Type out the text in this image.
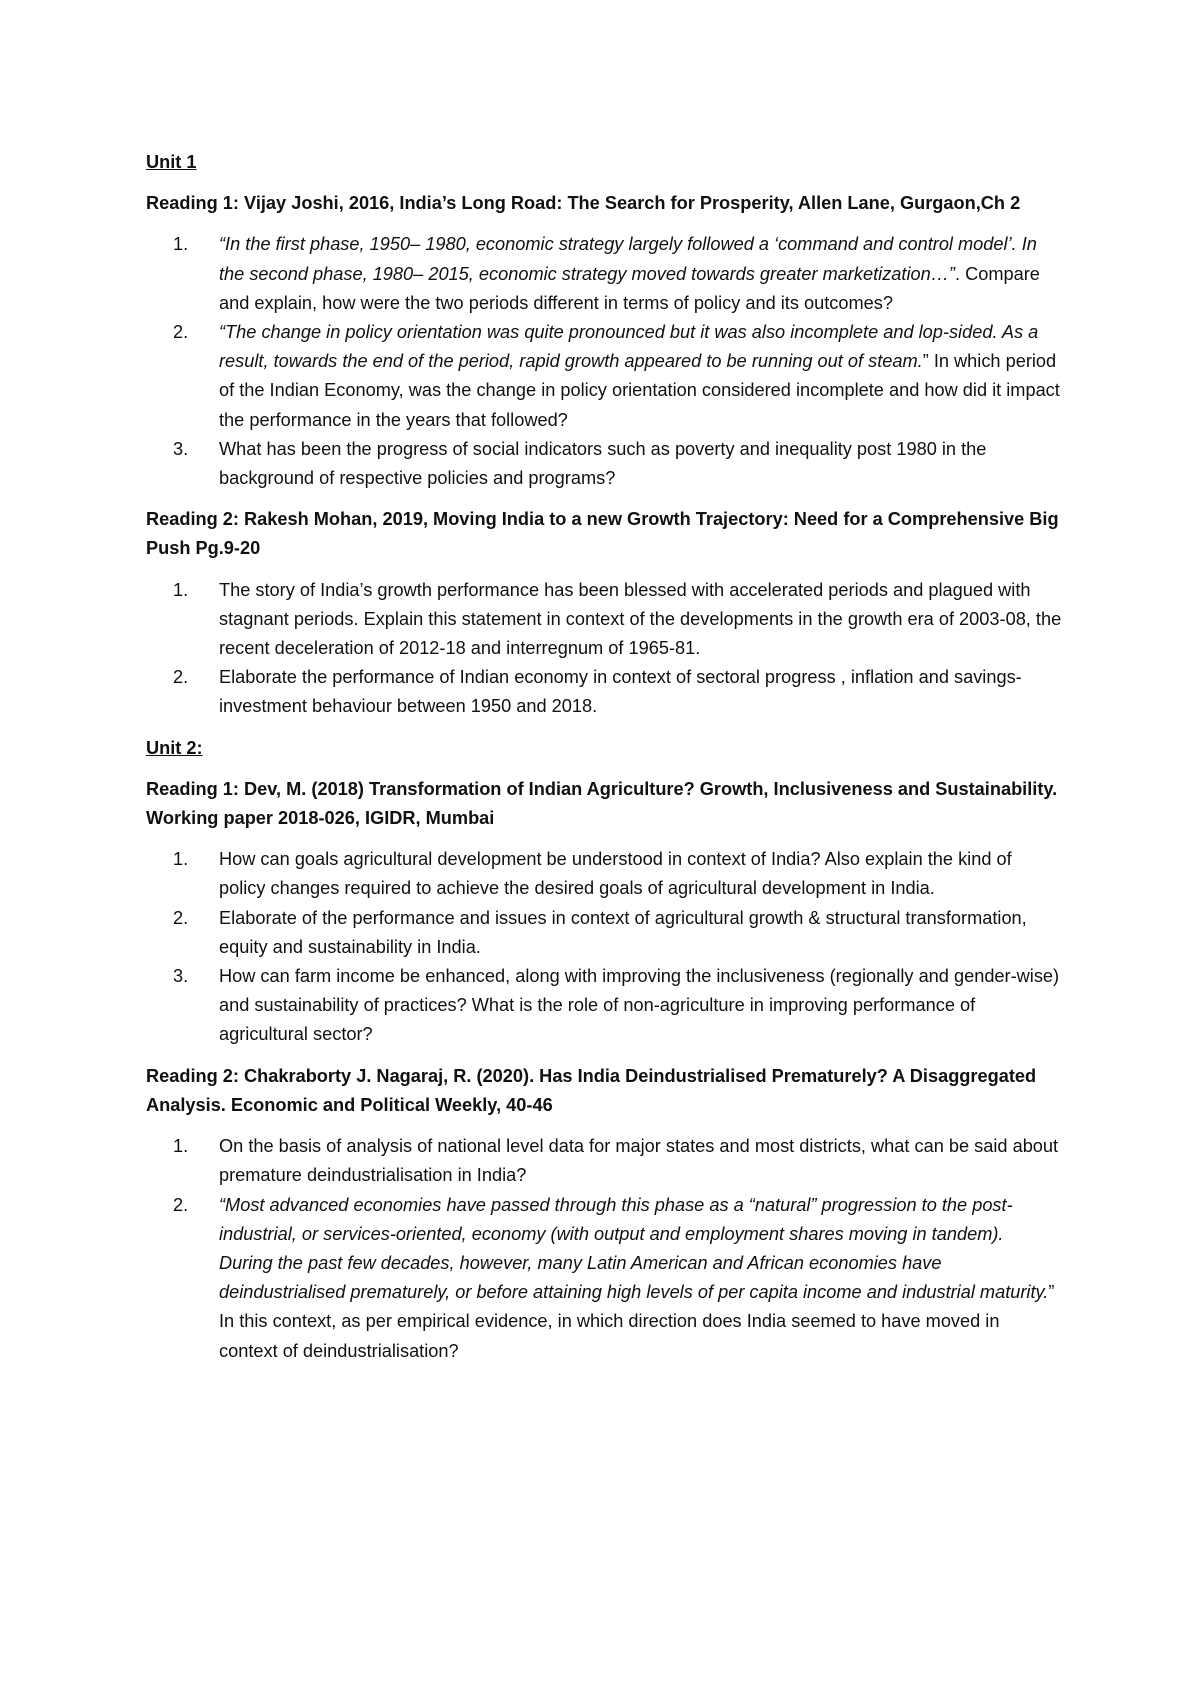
Unit 1
Reading 1: Vijay Joshi, 2016, India’s Long Road: The Search for Prosperity, Allen Lane, Gurgaon,Ch 2
1. “In the first phase, 1950– 1980, economic strategy largely followed a ‘command and control model’. In the second phase, 1980– 2015, economic strategy moved towards greater marketization…”. Compare and explain, how were the two periods different in terms of policy and its outcomes?
2. “The change in policy orientation was quite pronounced but it was also incomplete and lop-sided. As a result, towards the end of the period, rapid growth appeared to be running out of steam.” In which period of the Indian Economy, was the change in policy orientation considered incomplete and how did it impact the performance in the years that followed?
3. What has been the progress of social indicators such as poverty and inequality post 1980 in the background of respective policies and programs?
Reading 2: Rakesh Mohan, 2019, Moving India to a new Growth Trajectory: Need for a Comprehensive Big Push Pg.9-20
1. The story of India’s growth performance has been blessed with accelerated periods and plagued with stagnant periods. Explain this statement in context of the developments in the growth era of 2003-08, the recent deceleration of 2012-18 and interregnum of 1965-81.
2. Elaborate the performance of Indian economy in context of sectoral progress , inflation and savings- investment behaviour between 1950 and 2018.
Unit 2:
Reading 1: Dev, M. (2018) Transformation of Indian Agriculture? Growth, Inclusiveness and Sustainability. Working paper 2018-026, IGIDR, Mumbai
1. How can goals agricultural development be understood in context of India? Also explain the kind of policy changes required to achieve the desired goals of agricultural development in India.
2. Elaborate of the performance and issues in context of agricultural growth & structural transformation, equity and sustainability in India.
3. How can farm income be enhanced, along with improving the inclusiveness (regionally and gender-wise) and sustainability of practices? What is the role of non-agriculture in improving performance of agricultural sector?
Reading 2: Chakraborty J. Nagaraj, R. (2020). Has India Deindustrialised Prematurely? A Disaggregated Analysis. Economic and Political Weekly, 40-46
1. On the basis of analysis of national level data for major states and most districts, what can be said about premature deindustrialisation in India?
2. “Most advanced economies have passed through this phase as a “natural” progression to the post-industrial, or services-oriented, economy (with output and employment shares moving in tandem). During the past few decades, however, many Latin American and African economies have deindustrialised prematurely, or before attaining high levels of per capita income and industrial maturity.” In this context, as per empirical evidence, in which direction does India seemed to have moved in context of deindustrialisation?
